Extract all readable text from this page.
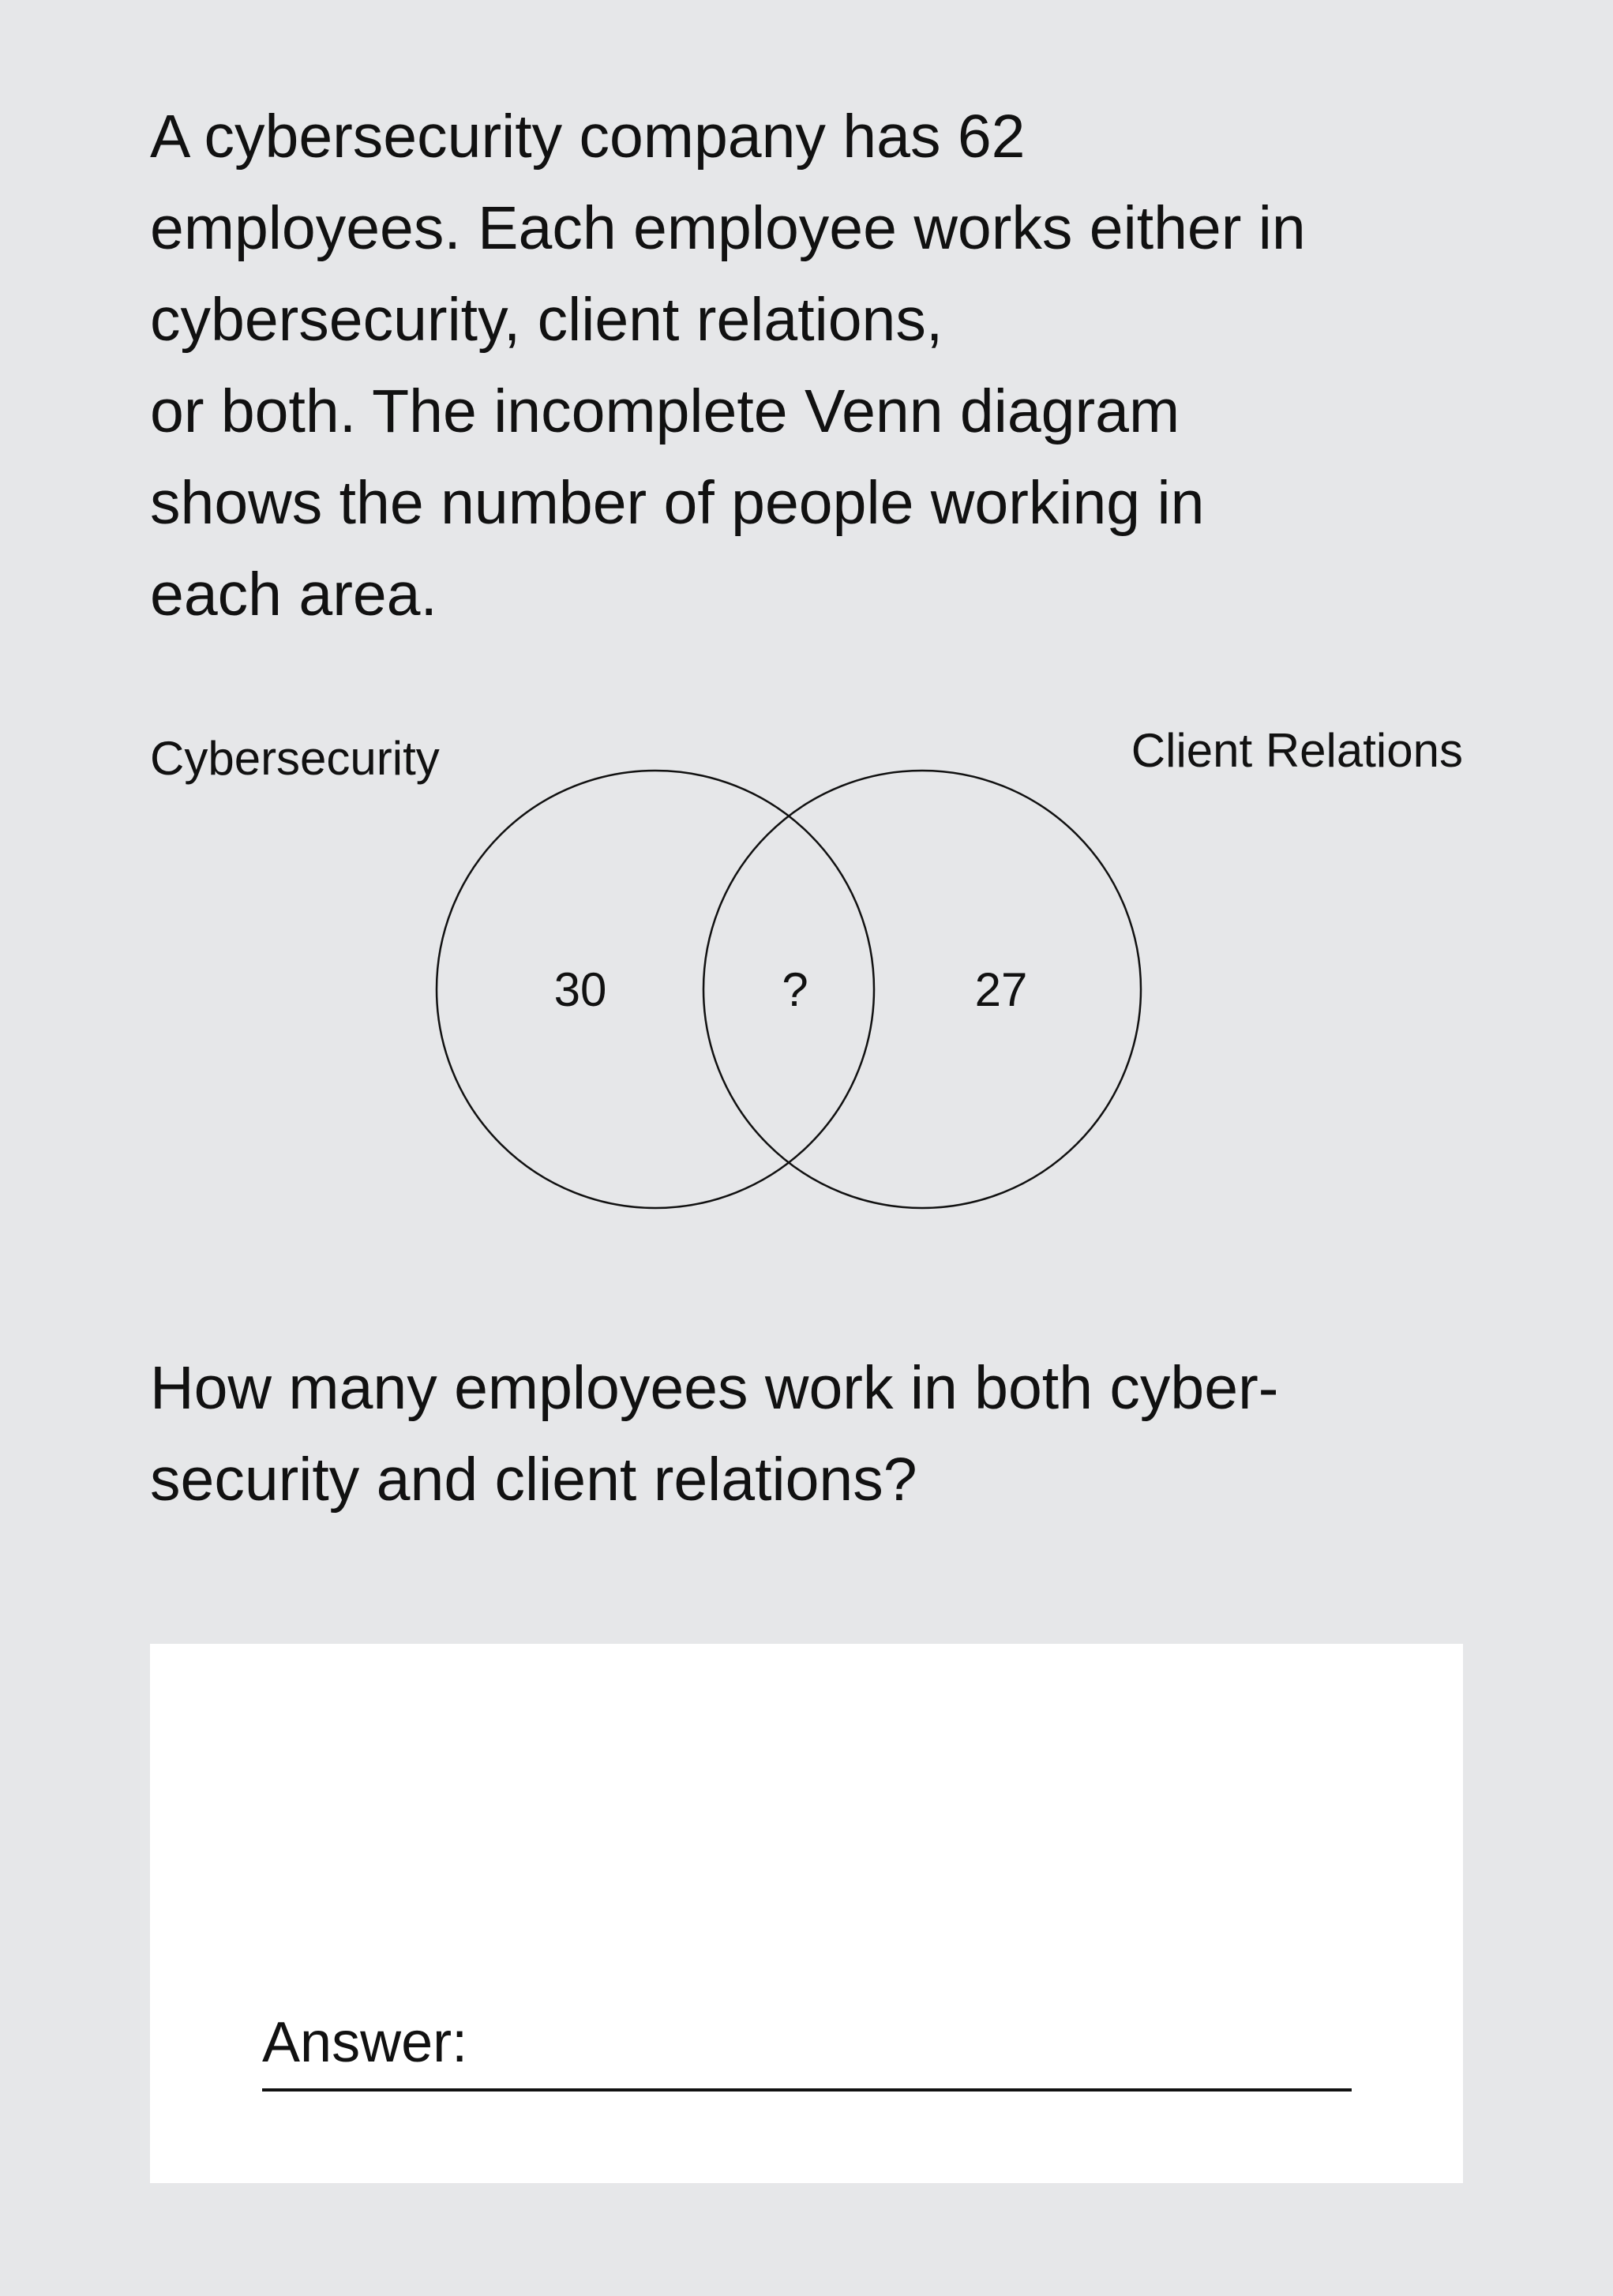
A cybersecurity company has 62
employees. Each employee works either in
cybersecurity, client relations,
or both. The incomplete Venn diagram
shows the number of people working in
each area.
Cybersecurity	Client Relations
30	?	27
How many employees work in both cyber-
security and client relations?
Answer:
